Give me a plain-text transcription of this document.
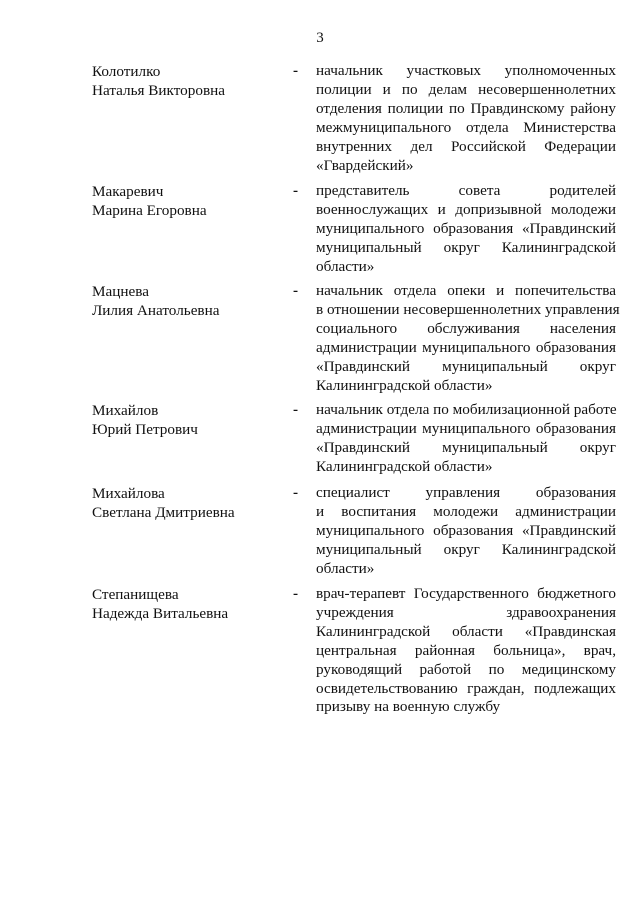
3
Колотилко
Наталья Викторовна
- начальник участковых уполномоченных
полиции и по делам несовершеннолетних
отделения полиции по Правдинскому району
межмуниципального отдела Министерства
внутренних дел Российской Федерации
«Гвардейский»
Макаревич
Марина Егоровна
- представитель совета родителей
военнослужащих и допризывной молодежи
муниципального образования «Правдинский
муниципальный округ Калининградской
области»
Мацнева
Лилия Анатольевна
- начальник отдела опеки и попечительства
в отношении несовершеннолетних управления
социального обслуживания населения
администрации муниципального образования
«Правдинский муниципальный округ
Калининградской области»
Михайлов
Юрий Петрович
- начальник отдела по мобилизационной работе
администрации муниципального образования
«Правдинский муниципальный округ
Калининградской области»
Михайлова
Светлана Дмитриевна
- специалист управления образования
и воспитания молодежи администрации
муниципального образования «Правдинский
муниципальный округ Калининградской
области»
Степанищева
Надежда Витальевна
- врач-терапевт Государственного бюджетного
учреждения здравоохранения
Калининградской области «Правдинская
центральная районная больница», врач,
руководящий работой по медицинскому
освидетельствованию граждан, подлежащих
призыву на военную службу
